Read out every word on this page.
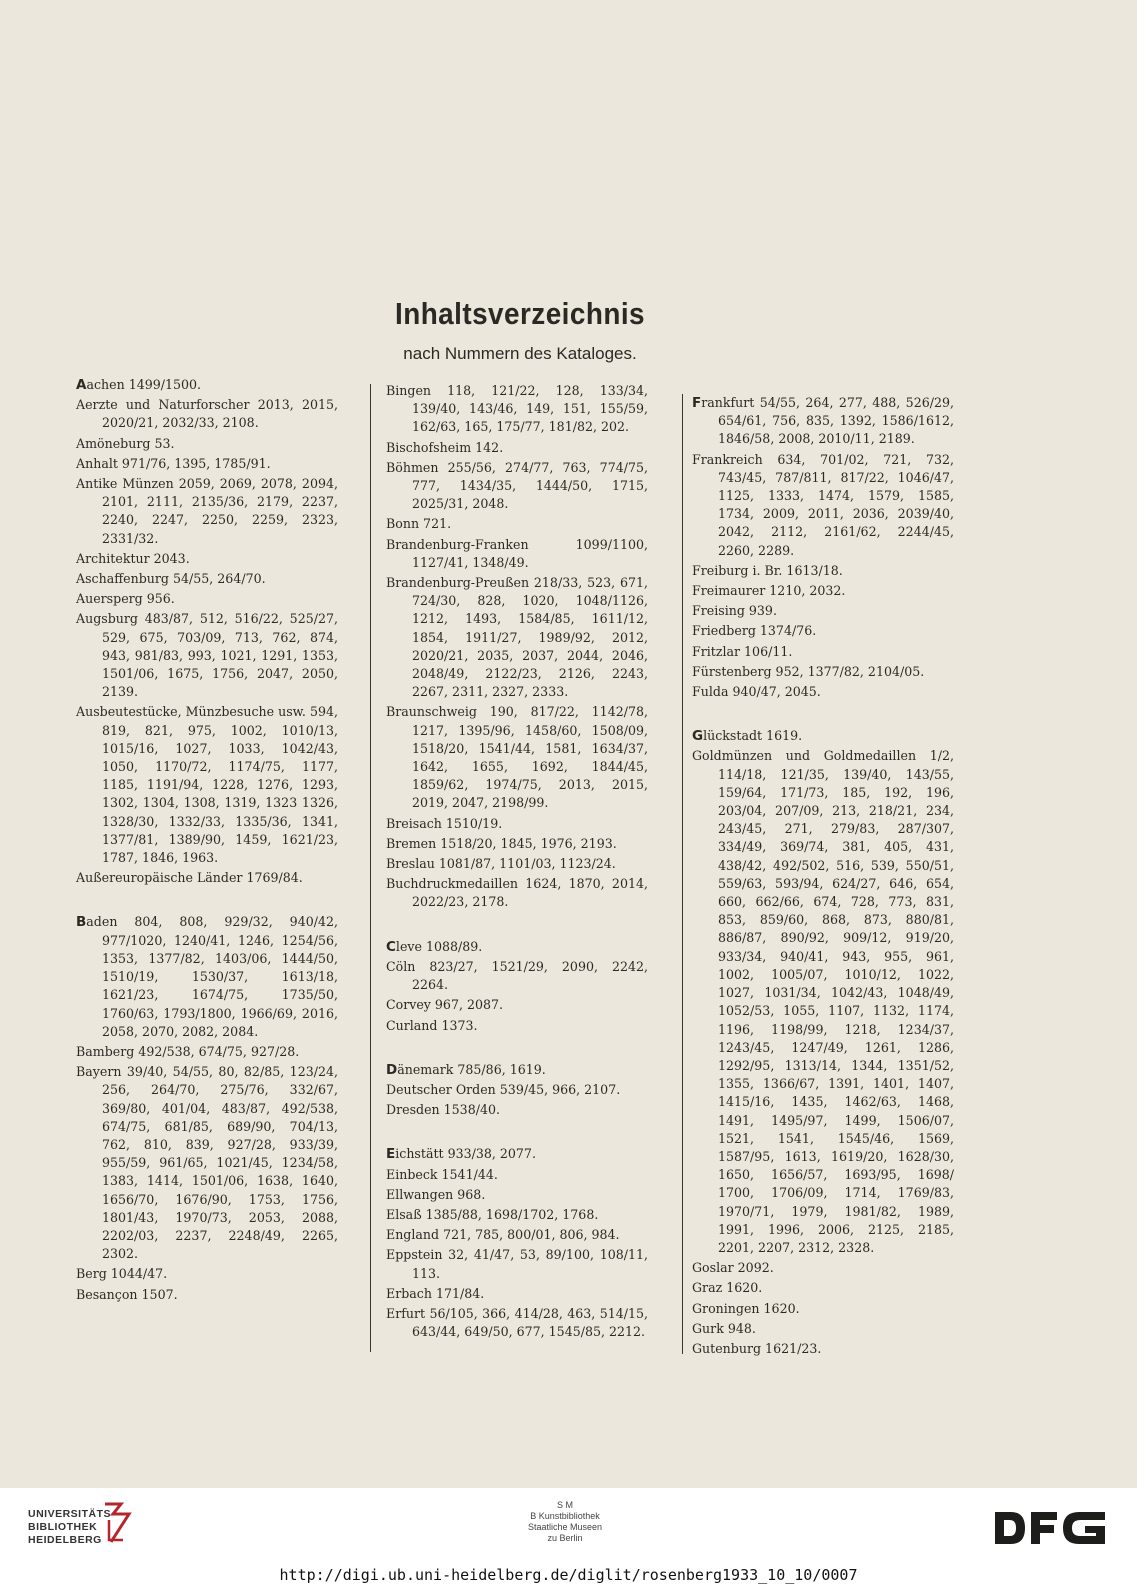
Inhaltsverzeichnis
nach Nummern des Kataloges.
Aachen 1499/1500.
Aerzte und Naturforscher 2013, 2015, 2020/21, 2032/33, 2108.
Amöneburg 53.
Anhalt 971/76, 1395, 1785/91.
Antike Münzen 2059, 2069, 2078, 2094, 2101, 2111, 2135/36, 2179, 2237, 2240, 2247, 2250, 2259, 2323, 2331/32.
Architektur 2043.
Aschaffenburg 54/55, 264/70.
Auersperg 956.
Augsburg 483/87, 512, 516/22, 525/27, 529, 675, 703/09, 713, 762, 874, 943, 981/83, 993, 1021, 1291, 1353, 1501/06, 1675, 1756, 2047, 2050, 2139.
Ausbeutestücke, Münzbesuche usw. 594, 819, 821, 975, 1002, 1010/13, 1015/16, 1027, 1033, 1042/43, 1050, 1170/72, 1174/75, 1177, 1185, 1191/94, 1228, 1276, 1293, 1302, 1304, 1308, 1319, 1323 1326, 1328/30, 1332/33, 1335/36, 1341, 1377/81, 1389/90, 1459, 1621/23, 1787, 1846, 1963.
Außereuropäische Länder 1769/84.
Baden 804, 808, 929/32, 940/42, 977/1020, 1240/41, 1246, 1254/56, 1353, 1377/82, 1403/06, 1444/50, 1510/19, 1530/37, 1613/18, 1621/23, 1674/75, 1735/50, 1760/63, 1793/1800, 1966/69, 2016, 2058, 2070, 2082, 2084.
Bamberg 492/538, 674/75, 927/28.
Bayern 39/40, 54/55, 80, 82/85, 123/24, 256, 264/70, 275/76, 332/67, 369/80, 401/04, 483/87, 492/538, 674/75, 681/85, 689/90, 704/13, 762, 810, 839, 927/28, 933/39, 955/59, 961/65, 1021/45, 1234/58, 1383, 1414, 1501/06, 1638, 1640, 1656/70, 1676/90, 1753, 1756, 1801/43, 1970/73, 2053, 2088, 2202/03, 2237, 2248/49, 2265, 2302.
Berg 1044/47.
Besançon 1507.
Bingen 118, 121/22, 128, 133/34, 139/40, 143/46, 149, 151, 155/59, 162/63, 165, 175/77, 181/82, 202.
Bischofsheim 142.
Böhmen 255/56, 274/77, 763, 774/75, 777, 1434/35, 1444/50, 1715, 2025/31, 2048.
Bonn 721.
Brandenburg-Franken 1099/1100, 1127/41, 1348/49.
Brandenburg-Preußen 218/33, 523, 671, 724/30, 828, 1020, 1048/1126, 1212, 1493, 1584/85, 1611/12, 1854, 1911/27, 1989/92, 2012, 2020/21, 2035, 2037, 2044, 2046, 2048/49, 2122/23, 2126, 2243, 2267, 2311, 2327, 2333.
Braunschweig 190, 817/22, 1142/78, 1217, 1395/96, 1458/60, 1508/09, 1518/20, 1541/44, 1581, 1634/37, 1642, 1655, 1692, 1844/45, 1859/62, 1974/75, 2013, 2015, 2019, 2047, 2198/99.
Breisach 1510/19.
Bremen 1518/20, 1845, 1976, 2193.
Breslau 1081/87, 1101/03, 1123/24.
Buchdruckmedaillen 1624, 1870, 2014, 2022/23, 2178.
Cleve 1088/89.
Cöln 823/27, 1521/29, 2090, 2242, 2264.
Corvey 967, 2087.
Curland 1373.
Dänemark 785/86, 1619.
Deutscher Orden 539/45, 966, 2107.
Dresden 1538/40.
Eichstätt 933/38, 2077.
Einbeck 1541/44.
Ellwangen 968.
Elsaß 1385/88, 1698/1702, 1768.
England 721, 785, 800/01, 806, 984.
Eppstein 32, 41/47, 53, 89/100, 108/11, 113.
Erbach 171/84.
Erfurt 56/105, 366, 414/28, 463, 514/15, 643/44, 649/50, 677, 1545/85, 2212.
Frankfurt 54/55, 264, 277, 488, 526/29, 654/61, 756, 835, 1392, 1586/1612, 1846/58, 2008, 2010/11, 2189.
Frankreich 634, 701/02, 721, 732, 743/45, 787/811, 817/22, 1046/47, 1125, 1333, 1474, 1579, 1585, 1734, 2009, 2011, 2036, 2039/40, 2042, 2112, 2161/62, 2244/45, 2260, 2289.
Freiburg i. Br. 1613/18.
Freimaurer 1210, 2032.
Freising 939.
Friedberg 1374/76.
Fritzlar 106/11.
Fürstenberg 952, 1377/82, 2104/05.
Fulda 940/47, 2045.
Glückstadt 1619.
Goldmünzen und Goldmedaillen 1/2, 114/18, 121/35, 139/40, 143/55, 159/64, 171/73, 185, 192, 196, 203/04, 207/09, 213, 218/21, 234, 243/45, 271, 279/83, 287/307, 334/49, 369/74, 381, 405, 431, 438/42, 492/502, 516, 539, 550/51, 559/63, 593/94, 624/27, 646, 654, 660, 662/66, 674, 728, 773, 831, 853, 859/60, 868, 873, 880/81, 886/87, 890/92, 909/12, 919/20, 933/34, 940/41, 943, 955, 961, 1002, 1005/07, 1010/12, 1022, 1027, 1031/34, 1042/43, 1048/49, 1052/53, 1055, 1107, 1132, 1174, 1196, 1198/99, 1218, 1234/37, 1243/45, 1247/49, 1261, 1286, 1292/95, 1313/14, 1344, 1351/52, 1355, 1366/67, 1391, 1401, 1407, 1415/16, 1435, 1462/63, 1468, 1491, 1495/97, 1499, 1506/07, 1521, 1541, 1545/46, 1569, 1587/95, 1613, 1619/20, 1628/30, 1650, 1656/57, 1693/95, 1698/ 1700, 1706/09, 1714, 1769/83, 1970/71, 1979, 1981/82, 1989, 1991, 1996, 2006, 2125, 2185, 2201, 2207, 2312, 2328.
Goslar 2092.
Graz 1620.
Groningen 1620.
Gurk 948.
Gutenburg 1621/23.
UNIVERSITÄTS-
BIBLIOTHEK
HEIDELBERG
S M
B Kunstbibliothek
Staatliche Museen
zu Berlin
http://digi.ub.uni-heidelberg.de/diglit/rosenberg1933_10_10/0007
